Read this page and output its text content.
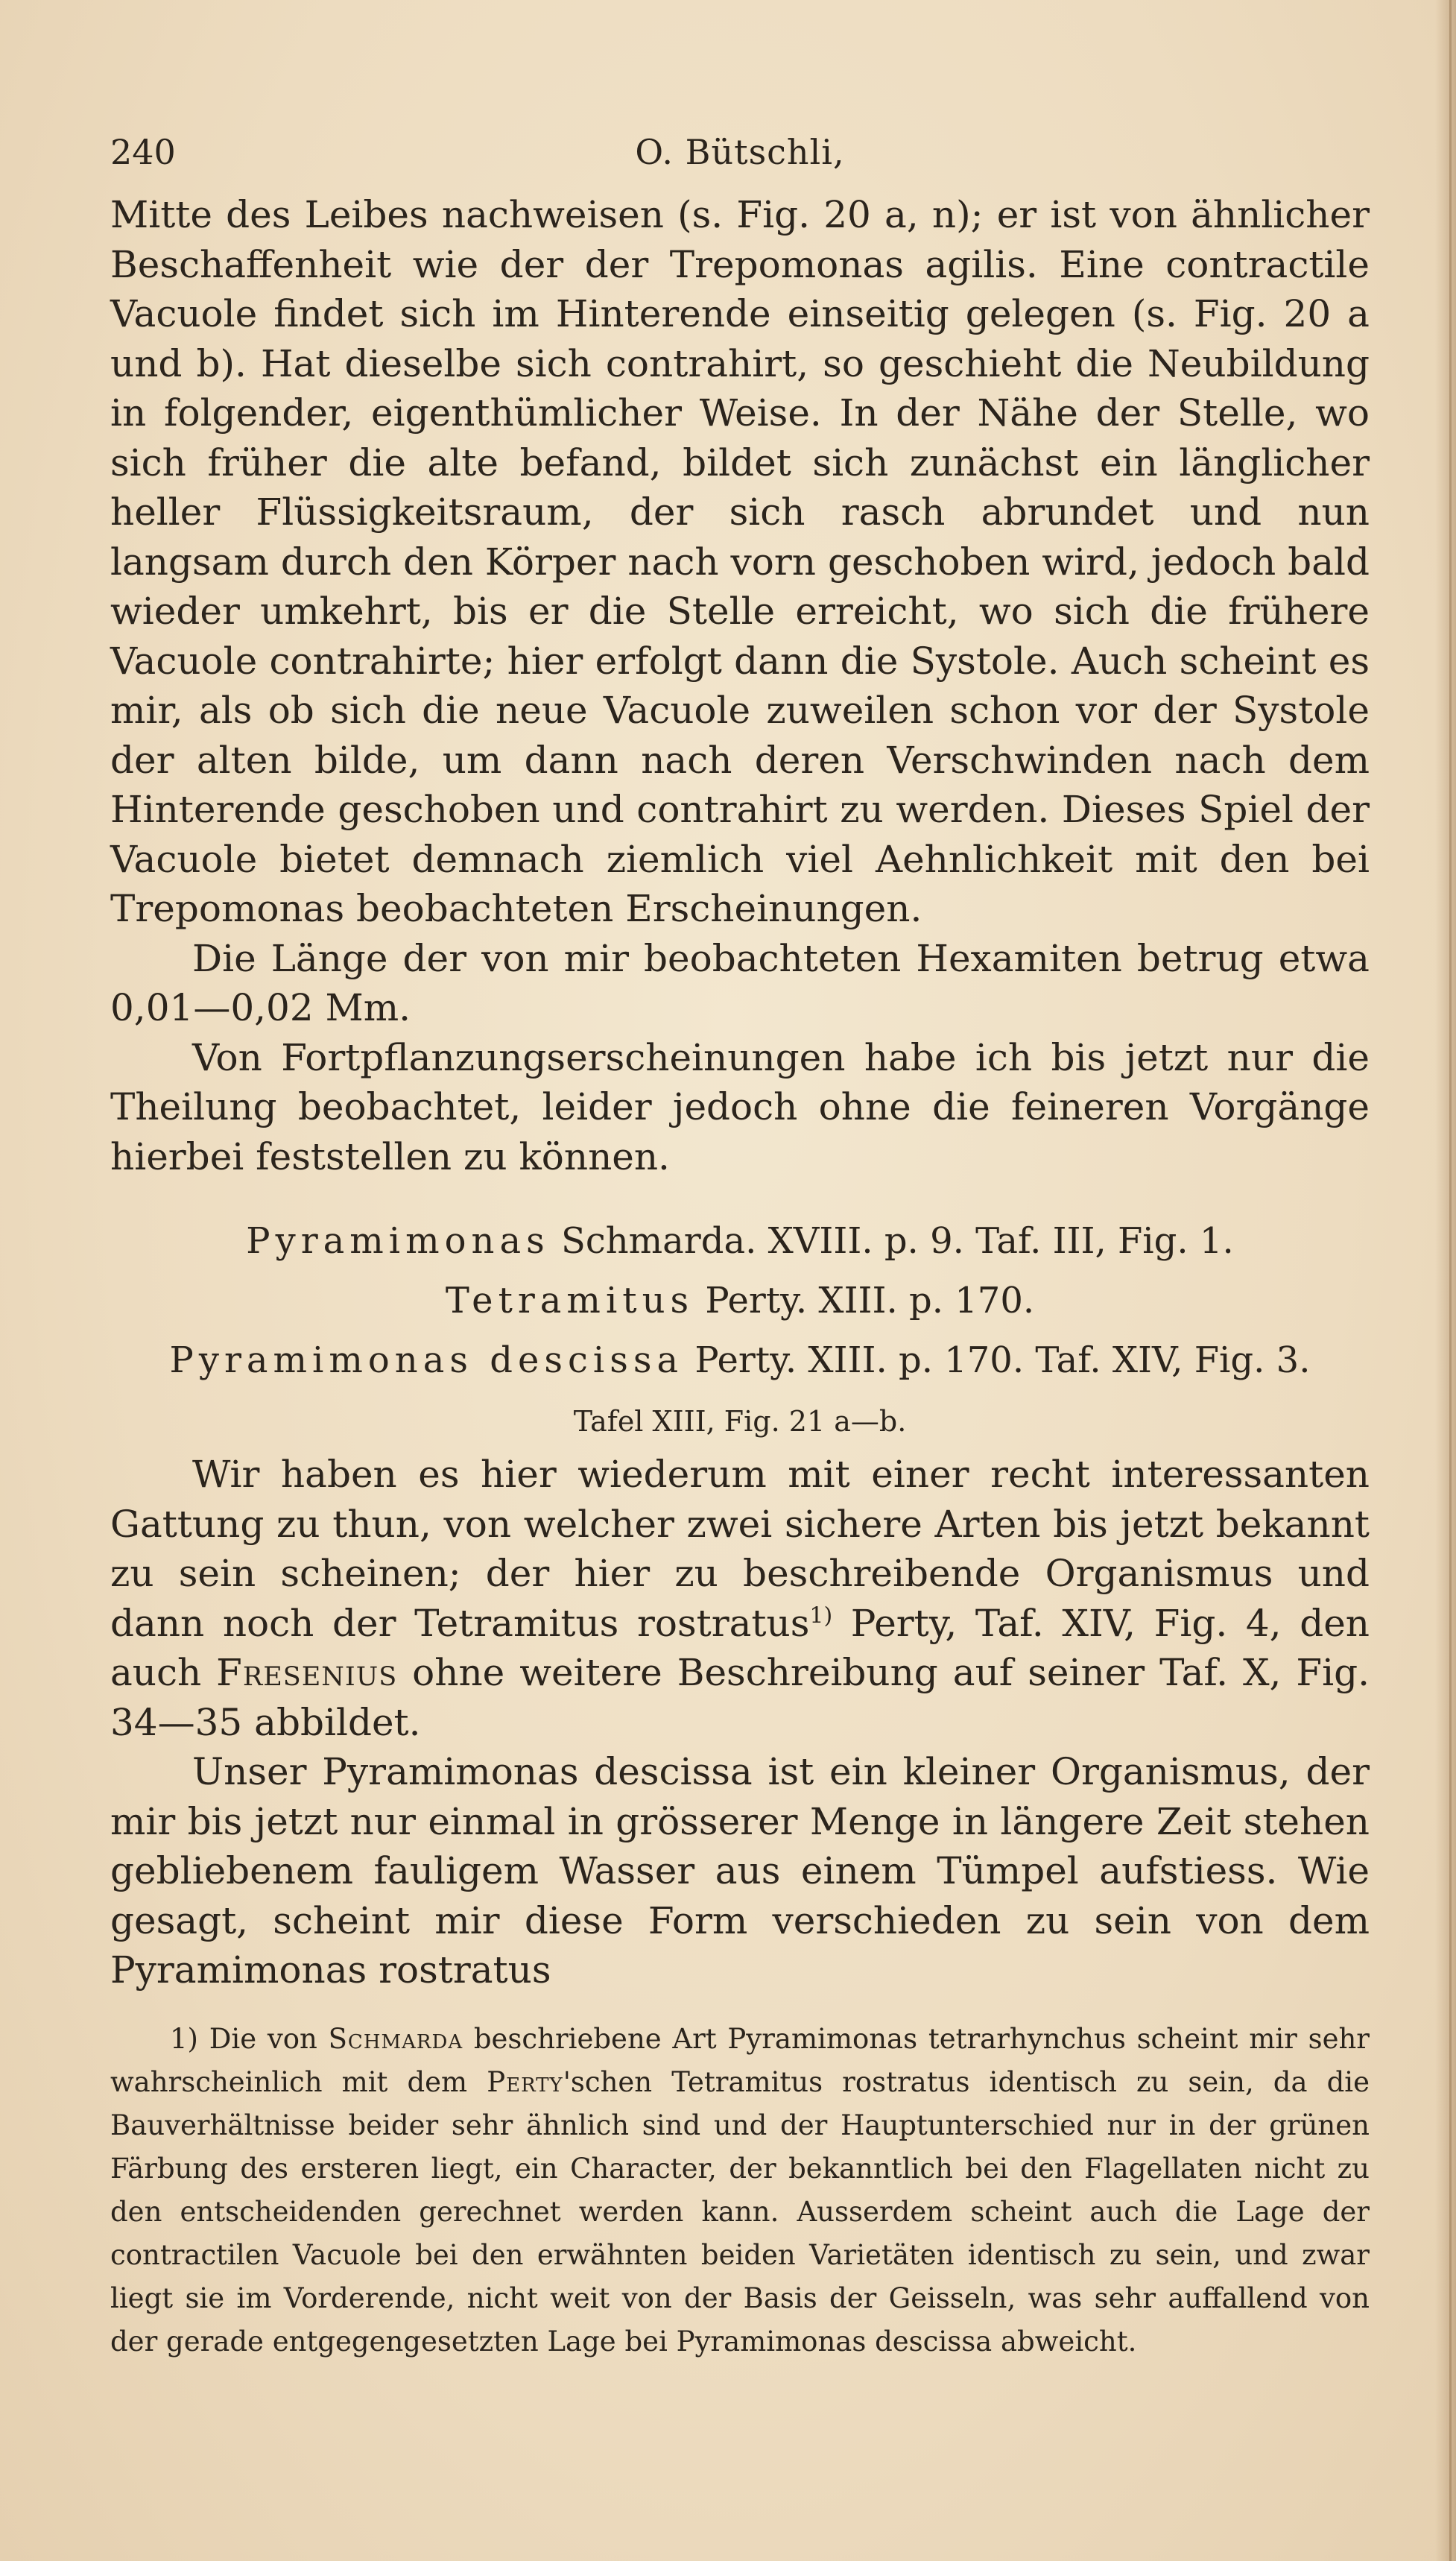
240	O. Bütschli,

Mitte des Leibes nachweisen (s. Fig. 20 a, n); er ist von ähnlicher Beschaffenheit wie der der Trepomonas agilis. Eine contractile Vacuole findet sich im Hinterende einseitig gelegen (s. Fig. 20 a und b). Hat dieselbe sich contrahirt, so geschieht die Neubildung in folgender, eigenthümlicher Weise. In der Nähe der Stelle, wo sich früher die alte befand, bildet sich zunächst ein länglicher heller Flüssigkeitsraum, der sich rasch abrundet und nun langsam durch den Körper nach vorn geschoben wird, jedoch bald wieder umkehrt, bis er die Stelle erreicht, wo sich die frühere Vacuole contrahirte; hier erfolgt dann die Systole. Auch scheint es mir, als ob sich die neue Vacuole zuweilen schon vor der Systole der alten bilde, um dann nach deren Verschwinden nach dem Hinterende geschoben und contrahirt zu werden. Dieses Spiel der Vacuole bietet demnach ziemlich viel Aehnlichkeit mit den bei Trepomonas beobachteten Erscheinungen.

Die Länge der von mir beobachteten Hexamiten betrug etwa 0,01—0,02 Mm.

Von Fortpflanzungserscheinungen habe ich bis jetzt nur die Theilung beobachtet, leider jedoch ohne die feineren Vorgänge hierbei feststellen zu können.

Pyramimonas Schmarda. XVIII. p. 9. Taf. III, Fig. 1.
Tetramitus Perty. XIII. p. 170.
Pyramimonas descissa Perty. XIII. p. 170. Taf. XIV, Fig. 3.
Tafel XIII, Fig. 21 a—b.

Wir haben es hier wiederum mit einer recht interessanten Gattung zu thun, von welcher zwei sichere Arten bis jetzt bekannt zu sein scheinen; der hier zu beschreibende Organismus und dann noch der Tetramitus rostratus$^{1)}$ Perty, Taf. XIV, Fig. 4, den auch Fresenius ohne weitere Beschreibung auf seiner Taf. X, Fig. 34—35 abbildet.

Unser Pyramimonas descissa ist ein kleiner Organismus, der mir bis jetzt nur einmal in grösserer Menge in längere Zeit stehen gebliebenem fauligem Wasser aus einem Tümpel aufstiess. Wie gesagt, scheint mir diese Form verschieden zu sein von dem Pyramimonas rostratus

1) Die von Schmarda beschriebene Art Pyramimonas tetrarhynchus scheint mir sehr wahrscheinlich mit dem Perty'schen Tetramitus rostratus identisch zu sein, da die Bauverhältnisse beider sehr ähnlich sind und der Hauptunterschied nur in der grünen Färbung des ersteren liegt, ein Character, der bekanntlich bei den Flagellaten nicht zu den entscheidenden gerechnet werden kann. Ausserdem scheint auch die Lage der contractilen Vacuole bei den erwähnten beiden Varietäten identisch zu sein, und zwar liegt sie im Vorderende, nicht weit von der Basis der Geisseln, was sehr auffallend von der gerade entgegengesetzten Lage bei Pyramimonas descissa abweicht.
